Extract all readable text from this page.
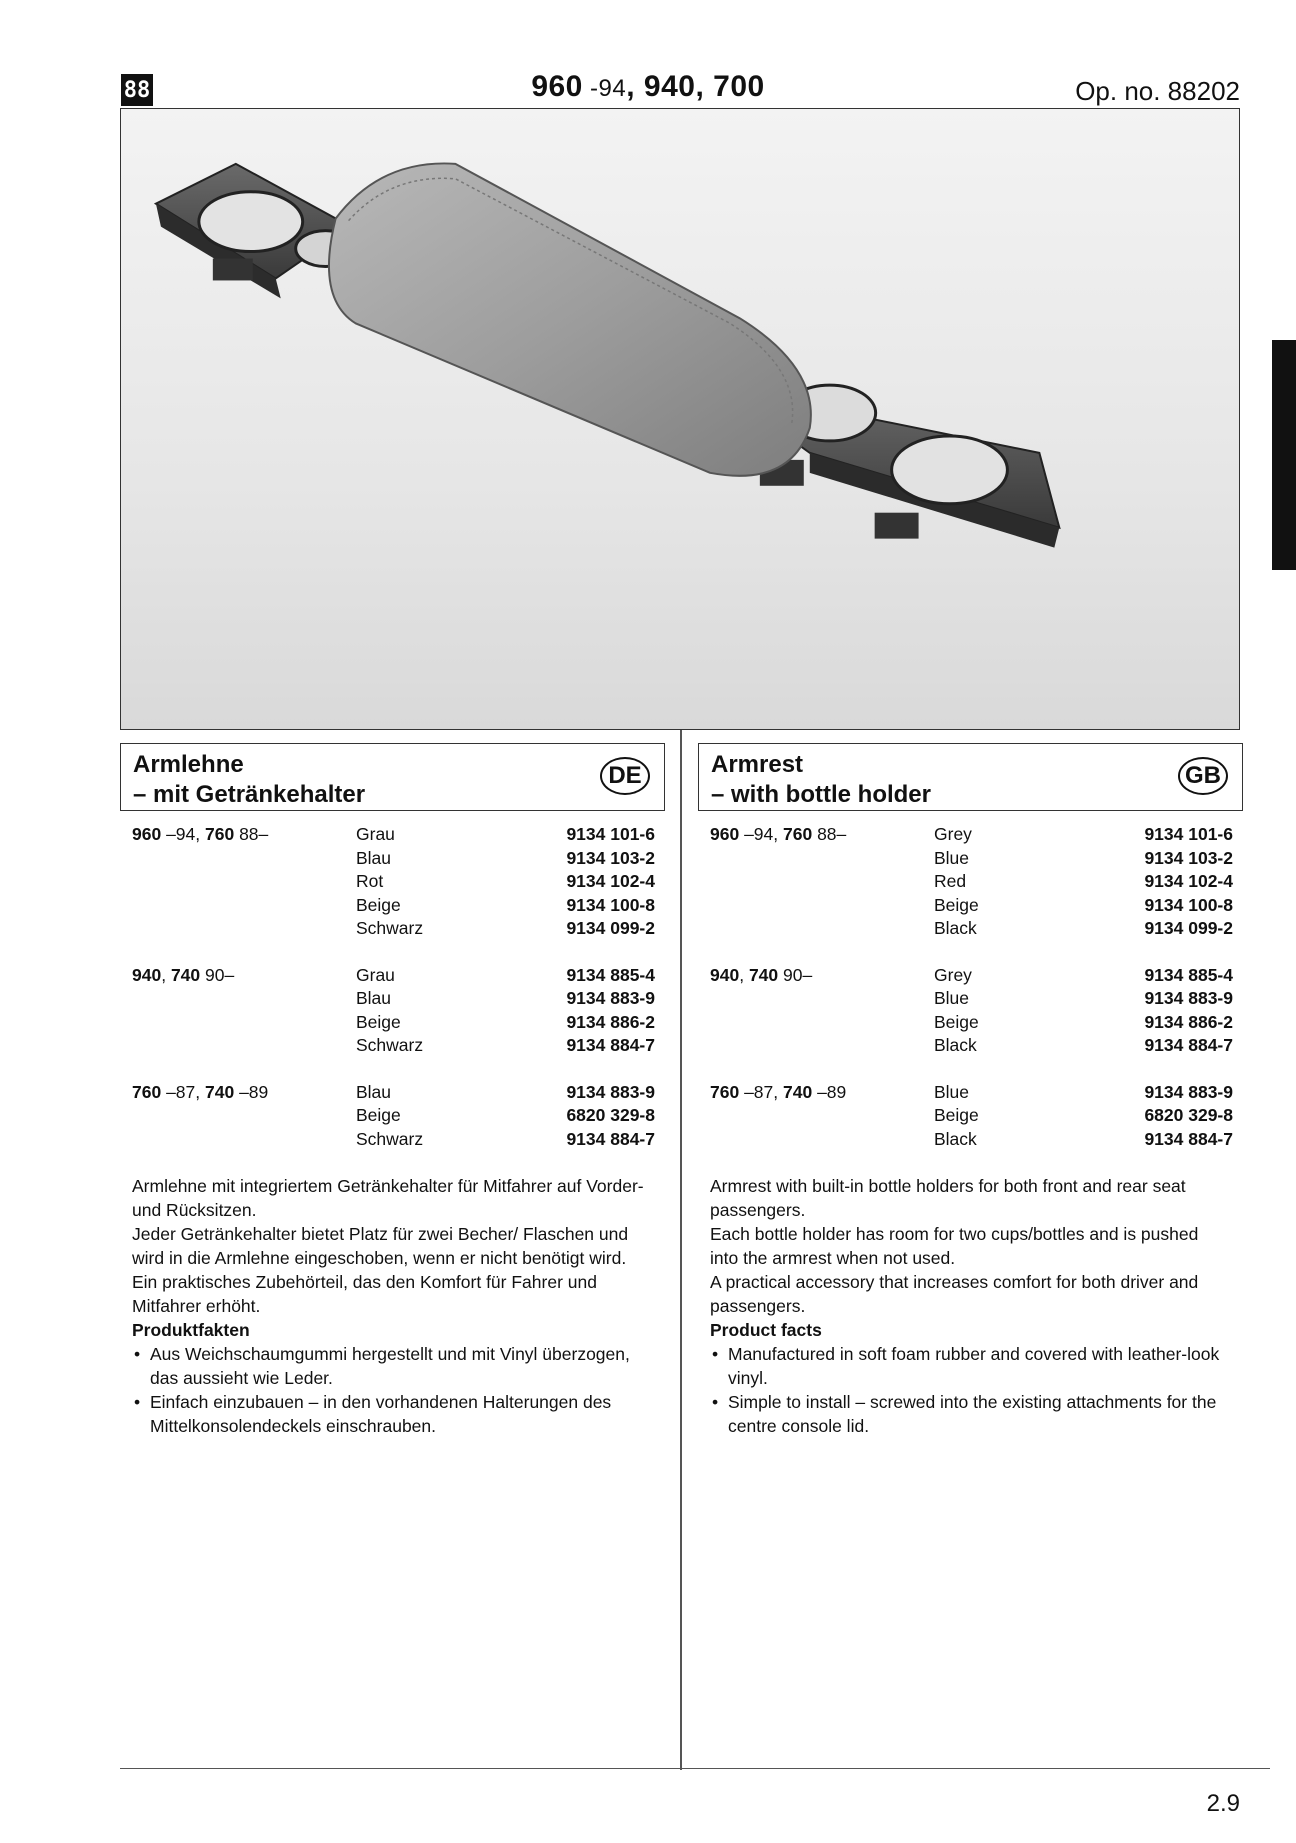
88	960 -94, 940, 700	Op. no. 88202
Armlehne
– mit Getränkehalter
DE
960 –94, 760 88–	Grau	9134 101-6
Blau	9134 103-2
Rot	9134 102-4
Beige	9134 100-8
Schwarz	9134 099-2
940, 740 90–	Grau	9134 885-4
Blau	9134 883-9
Beige	9134 886-2
Schwarz	9134 884-7
760 –87, 740 –89	Blau	9134 883-9
Beige	6820 329-8
Schwarz	9134 884-7

Armlehne mit integriertem Getränkehalter für Mitfahrer auf Vorder- und Rücksitzen.

Jeder Getränkehalter bietet Platz für zwei Becher/ Flaschen und wird in die Armlehne eingeschoben, wenn er nicht benötigt wird.

Ein praktisches Zubehörteil, das den Komfort für Fahrer und Mitfahrer erhöht.

Produktfakten

• Aus Weichschaumgummi hergestellt und mit Vinyl überzogen, das aussieht wie Leder.
• Einfach einzubauen – in den vorhandenen Halterungen des Mittelkonsolendeckels einschrauben.
Armrest
– with bottle holder
GB
960 –94, 760 88–	Grey	9134 101-6
Blue	9134 103-2
Red	9134 102-4
Beige	9134 100-8
Black	9134 099-2
940, 740 90–	Grey	9134 885-4
Blue	9134 883-9
Beige	9134 886-2
Black	9134 884-7
760 –87, 740 –89	Blue	9134 883-9
Beige	6820 329-8
Black	9134 884-7

Armrest with built-in bottle holders for both front and rear seat passengers.

Each bottle holder has room for two cups/bottles and is pushed into the armrest when not used.

A practical accessory that increases comfort for both driver and passengers.

Product facts

• Manufactured in soft foam rubber and covered with leather-look vinyl.
• Simple to install – screwed into the existing attachments for the centre console lid.
2.9
